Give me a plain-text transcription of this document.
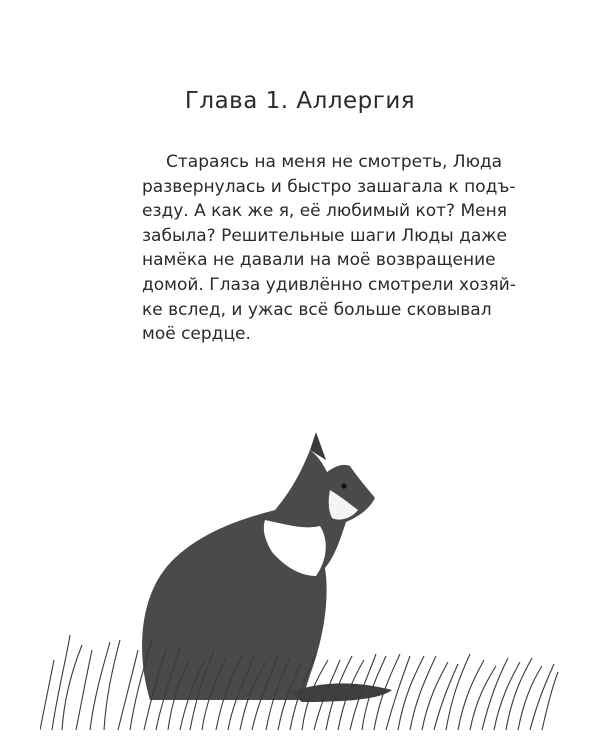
Глава 1. Аллергия
Стараясь на меня не смотреть, Люда
развернулась и быстро зашагала к подъ-
езду. А как же я, её любимый кот? Меня
забыла? Решительные шаги Люды даже
намёка не давали на моё возвращение
домой. Глаза удивлённо смотрели хозяй-
ке вслед, и ужас всё больше сковывал
моё сердце.
